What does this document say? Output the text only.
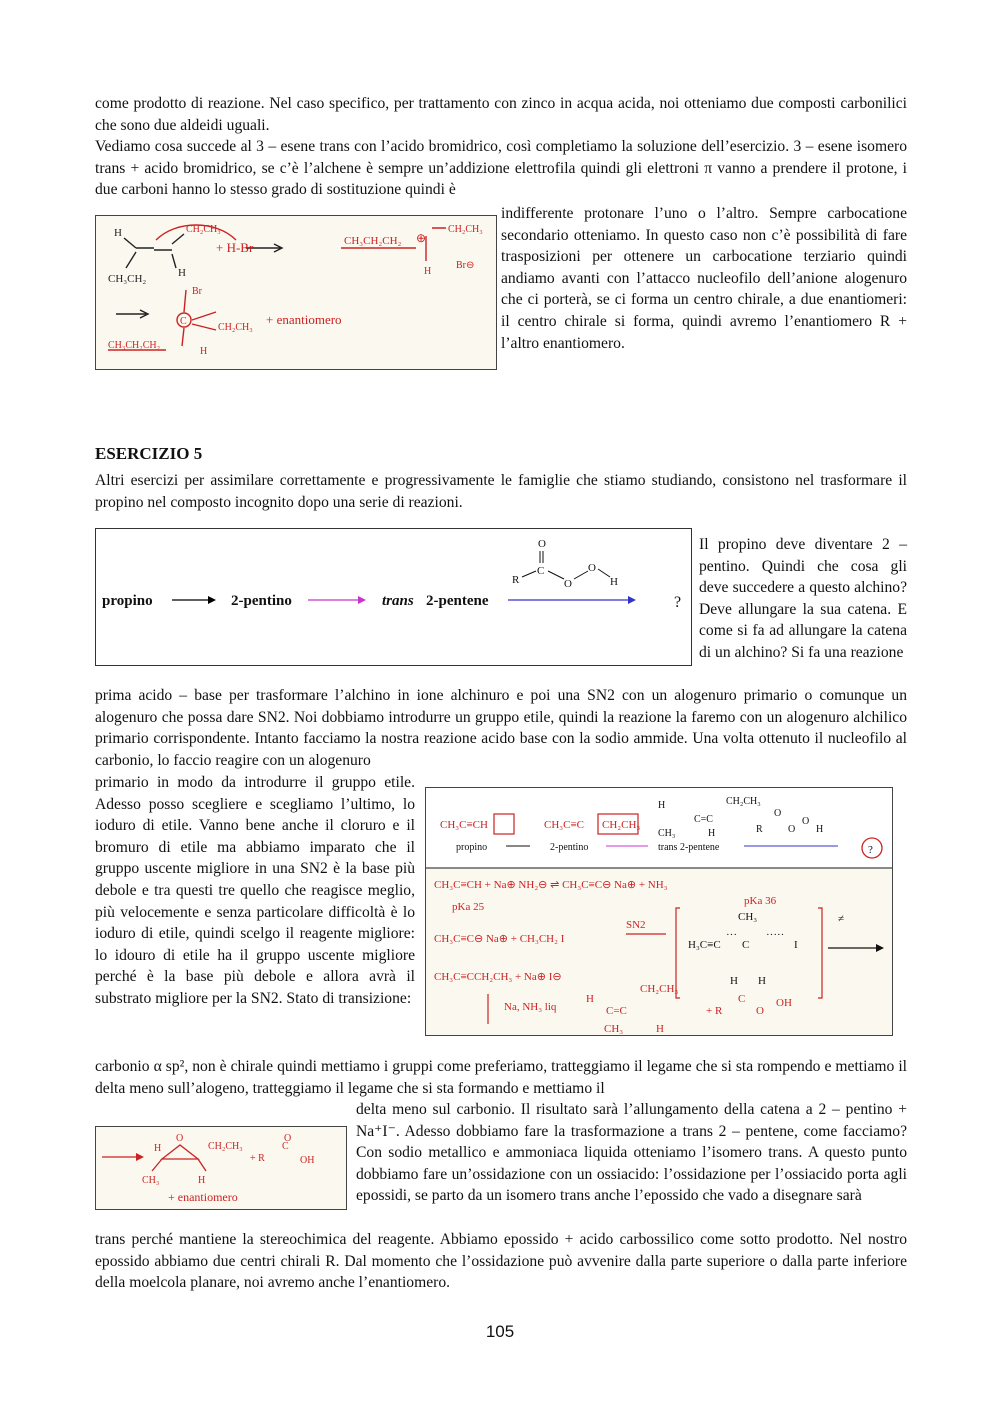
come prodotto di reazione. Nel caso specifico, per trattamento con zinco in acqua acida, noi otteniamo due composti carbonilici che sono due aldeidi uguali.

Vediamo cosa succede al 3 – esene trans con l’acido bromidrico, così completiamo la soluzione dell’esercizio. 3 – esene isomero trans + acido bromidrico, se c’è l’alchene è sempre un’addizione elettrofila quindi gli elettroni π vanno a prendere il protone, i due carboni hanno lo stesso grado di sostituzione quindi è

H
CH₃CH₂	H
CH₂CH₃
+ H-Br	CH₃CH₂CH₂ ⊕
CH₂CH₃
H
Br⊖
C
Br
CH₂CH₃
CH₃CH₂CH₂
H
+ enantiomero

indifferente protonare l’uno o l’altro. Sempre carbocatione secondario otteniamo. In questo caso non c’è possibilità di fare trasposizioni per ottenere un carbocatione terziario quindi andiamo avanti con l’attacco nucleofilo dell’anione alogenuro che ci porterà, se ci forma un centro chirale, a due enantiomeri: il centro chirale si forma, quindi avremo l’enantiomero R + l’altro enantiomero.

ESERCIZIO 5

Altri esercizi per assimilare correttamente e progressivamente le famiglie che stiamo studiando, consistono nel trasformare il propino nel composto incognito dopo una serie di reazioni.

propino	2-pentino	trans 2-pentene	?
O
C
R	O
O
H

Il propino deve diventare 2 – pentino. Quindi che cosa gli deve succedere a questo alchino? Deve allungare la sua catena. E come si fa ad allungare la catena di un alchino? Si fa una reazione

prima acido – base per trasformare l’alchino in ione alchinuro e poi una SN2 con un alogenuro primario o comunque un alogenuro che possa dare SN2. Noi dobbiamo introdurre un gruppo etile, quindi la reazione la faremo con un alogenuro alchilico primario corrispondente. Intanto facciamo la nostra reazione acido base con la sodio ammide. Una volta ottenuto il nucleofilo al carbonio, lo faccio reagire con un alogenuro

primario in modo da introdurre il gruppo etile. Adesso posso scegliere e scegliamo l’ultimo, lo ioduro di etile. Vanno bene anche il cloruro e il bromuro di etile ma abbiamo imparato che il gruppo uscente migliore in una SN2 è la base più debole e tra questi tre quello che reagisce meglio, più velocemente e senza particolare difficoltà è lo ioduro di etile, quindi scelgo il reagente migliore: lo idouro di etile ha il gruppo uscente migliore perché è la base più debole e allora avrà il substrato migliore per la SN2. Stato di transizione:

CH₃C≡CH	CH₃C≡C CH₂CH₃
propino	2-pentino	trans 2-pentene	?
H
C=C
CH₂CH₃
CH₃	H	R
O
O
O
H
CH₃C≡CH + Na⊕ NH₂⊖ ⇌ CH₃C≡C⊖ Na⊕ + NH₃
pKa 25	pKa 36
CH₃C≡C⊖ Na⊕ + CH₃CH₂ I
SN2
CH₃C≡CCH₂CH₃ + Na⊕ I⊖
Na, NH₃ liq
H
C=C
CH₂CH₃
CH₃	H
+ R
C
O
OH
H₃C≡C
···
C
·····
I
CH₃
H H
≠

carbonio α sp², non è chirale quindi mettiamo i gruppi come preferiamo, tratteggiamo il legame che si sta rompendo e mettiamo il delta meno sull’alogeno, tratteggiamo il legame che si sta formando e mettiamo il

H
O
CH₂CH₃
CH₃	H
+ R
C
OH
O
+ enantiomero

delta meno sul carbonio. Il risultato sarà l’allungamento della catena a 2 – pentino + Na⁺I⁻. Adesso dobbiamo fare la trasformazione a trans 2 – pentene, come facciamo? Con sodio metallico e ammoniaca liquida otteniamo l’isomero trans. A questo punto dobbiamo fare un’ossidazione con un ossiacido: l’ossidazione per l’ossiacido porta agli epossidi, se parto da un isomero trans anche l’epossido che vado a disegnare sarà

trans perché mantiene la stereochimica del reagente. Abbiamo epossido + acido carbossilico come sotto prodotto. Nel nostro epossido abbiamo due centri chirali R. Dal momento che l’ossidazione può avvenire dalla parte superiore o dalla parte inferiore della moelcola planare, noi avremo anche l’enantiomero.

105
